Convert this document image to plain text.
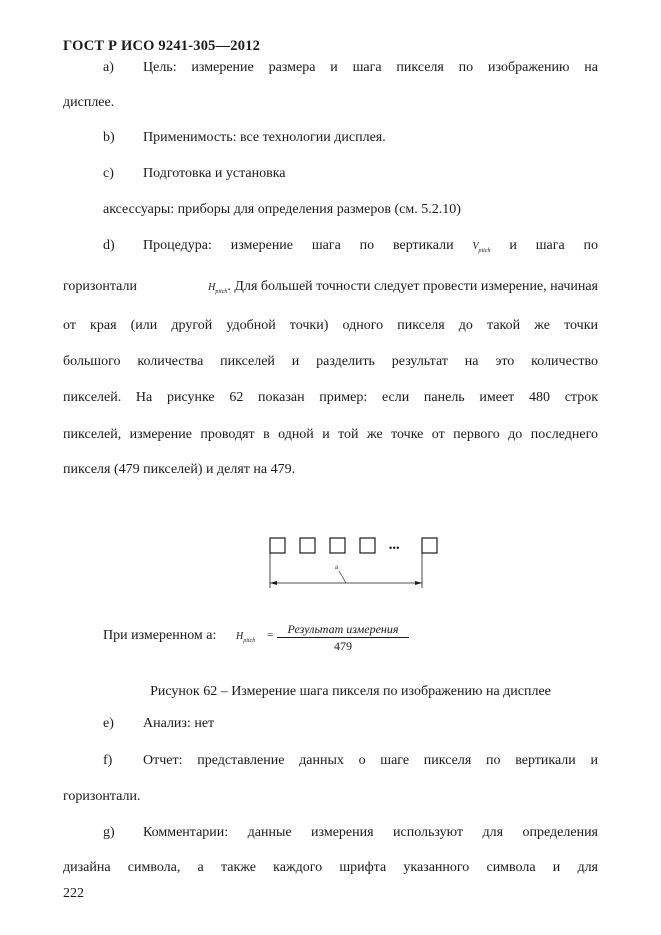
ГОСТ Р ИСО 9241-305—2012
a) Цель: измерение размера и шага пикселя по изображению на
дисплее.
b) Применимость: все технологии дисплея.
c) Подготовка и установка
аксессуары: приборы для определения размеров (см. 5.2.10)
d) Процедура: измерение шага по вертикали $V_{pitch}$ и шага по
горизонтали	$H_{pitch}$. Для большей точности следует провести измерение, начиная
от края (или другой удобной точки) одного пикселя до такой же точки
большого количества пикселей и разделить результат на это количество
пикселей. На рисунке 62 показан пример: если панель имеет 480 строк
пикселей, измерение проводят в одной и той же точке от первого до последнего
пикселя (479 пикселей) и делят на 479.
•••
a
При измеренном а: $H_{pitch}$ =	Результат измерения
479
Рисунок 62 – Измерение шага пикселя по изображению на дисплее
e) Анализ: нет
f) Отчет: представление данных о шаге пикселя по вертикали и
горизонтали.
g) Комментарии: данные измерения используют для определения
дизайна символа, а также каждого шрифта указанного символа и для
222
